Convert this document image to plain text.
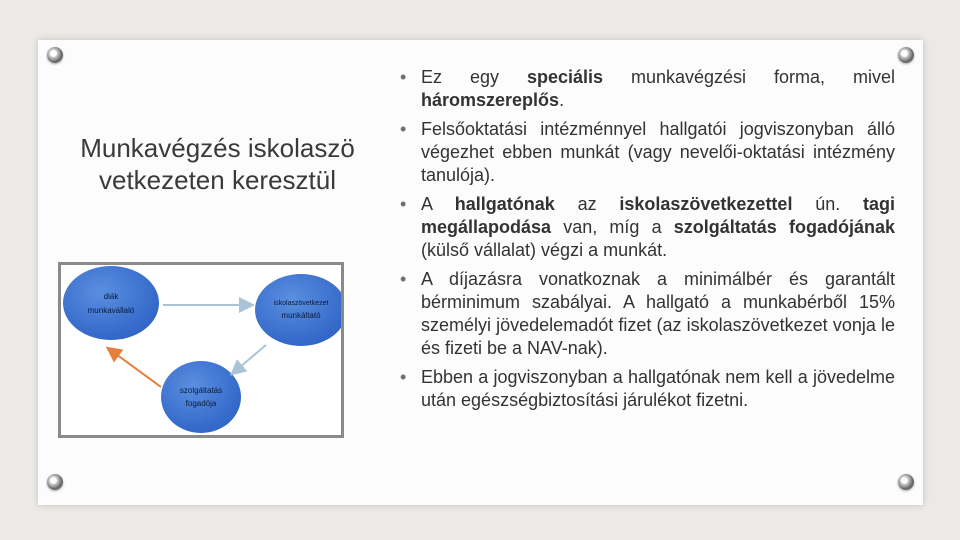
Munkavégzés iskolaszövetkezeten keresztül
diák
munkavállaló
iskolaszövetkezet
munkáltató
szolgáltatás
fogadója
• Ez egy speciális munkavégzési forma, mivel háromszereplős.
• Felsőoktatási intézménnyel hallgatói jogviszonyban álló végezhet ebben munkát (vagy nevelői-oktatási intézmény tanulója).
• A hallgatónak az iskolaszövetkezettel ún. tagi megállapodása van, míg a szolgáltatás fogadójának (külső vállalat) végzi a munkát.
• A díjazásra vonatkoznak a minimálbér és garantált bérminimum szabályai. A hallgató a munkabérből 15% személyi jövedelemadót fizet (az iskolaszövetkezet vonja le és fizeti be a NAV-nak).
• Ebben a jogviszonyban a hallgatónak nem kell a jövedelme után egészségbiztosítási járulékot fizetni.
